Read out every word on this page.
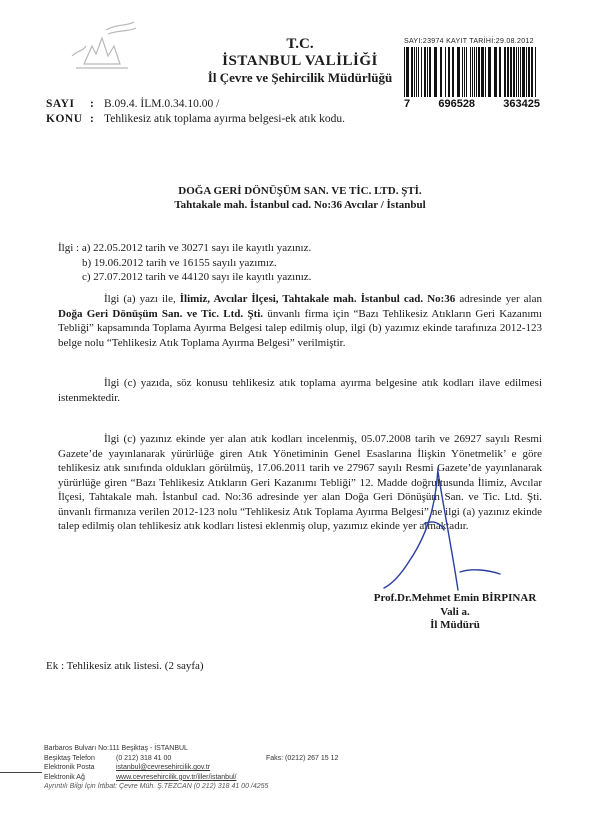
T.C.
İSTANBUL VALİLİĞİ
İl Çevre ve Şehircilik Müdürlüğü
SAYI:23974 KAYIT TARİHİ:29.08.2012
7	696528	363425
SAYI : B.09.4. İLM.0.34.10.00 /
KONU : Tehlikesiz atık toplama ayırma belgesi-ek atık kodu.
DOĞA GERİ DÖNÜŞÜM SAN. VE TİC. LTD. ŞTİ.
Tahtakale mah. İstanbul cad. No:36 Avcılar / İstanbul
İlgi : a) 22.05.2012 tarih ve 30271 sayı ile kayıtlı yazınız.
b) 19.06.2012 tarih ve 16155 sayılı yazımız.
c) 27.07.2012 tarih ve 44120 sayı ile kayıtlı yazınız.
İlgi (a) yazı ile, İlimiz, Avcılar İlçesi, Tahtakale mah. İstanbul cad. No:36 adresinde yer alan Doğa Geri Dönüşüm San. ve Tic. Ltd. Şti. ünvanlı firma için “Bazı Tehlikesiz Atıkların Geri Kazanımı Tebliği” kapsamında Toplama Ayırma Belgesi talep edilmiş olup, ilgi (b) yazımız ekinde tarafınıza 2012-123 belge nolu “Tehlikesiz Atık Toplama Ayırma Belgesi” verilmiştir.
İlgi (c) yazıda, söz konusu tehlikesiz atık toplama ayırma belgesine atık kodları ilave edilmesi istenmektedir.
İlgi (c) yazınız ekinde yer alan atık kodları incelenmiş, 05.07.2008 tarih ve 26927 sayılı Resmi Gazete’de yayınlanarak yürürlüğe giren Atık Yönetiminin Genel Esaslarına İlişkin Yönetmelik’ e göre tehlikesiz atık sınıfında oldukları görülmüş, 17.06.2011 tarih ve 27967 sayılı Resmi Gazete’de yayınlanarak yürürlüğe giren “Bazı Tehlikesiz Atıkların Geri Kazanımı Tebliği” 12. Madde doğrultusunda İlimiz, Avcılar İlçesi, Tahtakale mah. İstanbul cad. No:36 adresinde yer alan Doğa Geri Dönüşüm San. ve Tic. Ltd. Şti. ünvanlı firmanıza verilen 2012-123 nolu “Tehlikesiz Atık Toplama Ayırma Belgesi” ne ilgi (a) yazınız ekinde talep edilmiş olan tehlikesiz atık kodları listesi eklenmiş olup, yazımız ekinde yer almaktadır.
Prof.Dr.Mehmet Emin BİRPINAR
Vali a.
İl Müdürü
Ek : Tehlikesiz atık listesi. (2 sayfa)
Barbaros Bulvarı No:111 Beşiktaş - İSTANBUL
Beşiktaş Telefon	(0 212) 318 41 00	Faks: (0212) 267 15 12
Elektronik Posta	istanbul@cevresehircilik.gov.tr
Elektronik Ağ	www.cevresehircilik.gov.tr/iller/istanbul/
Ayrıntılı Bilgi İçin İrtibat: Çevre Müh. Ş.TEZCAN (0 212) 318 41 00 /4255
